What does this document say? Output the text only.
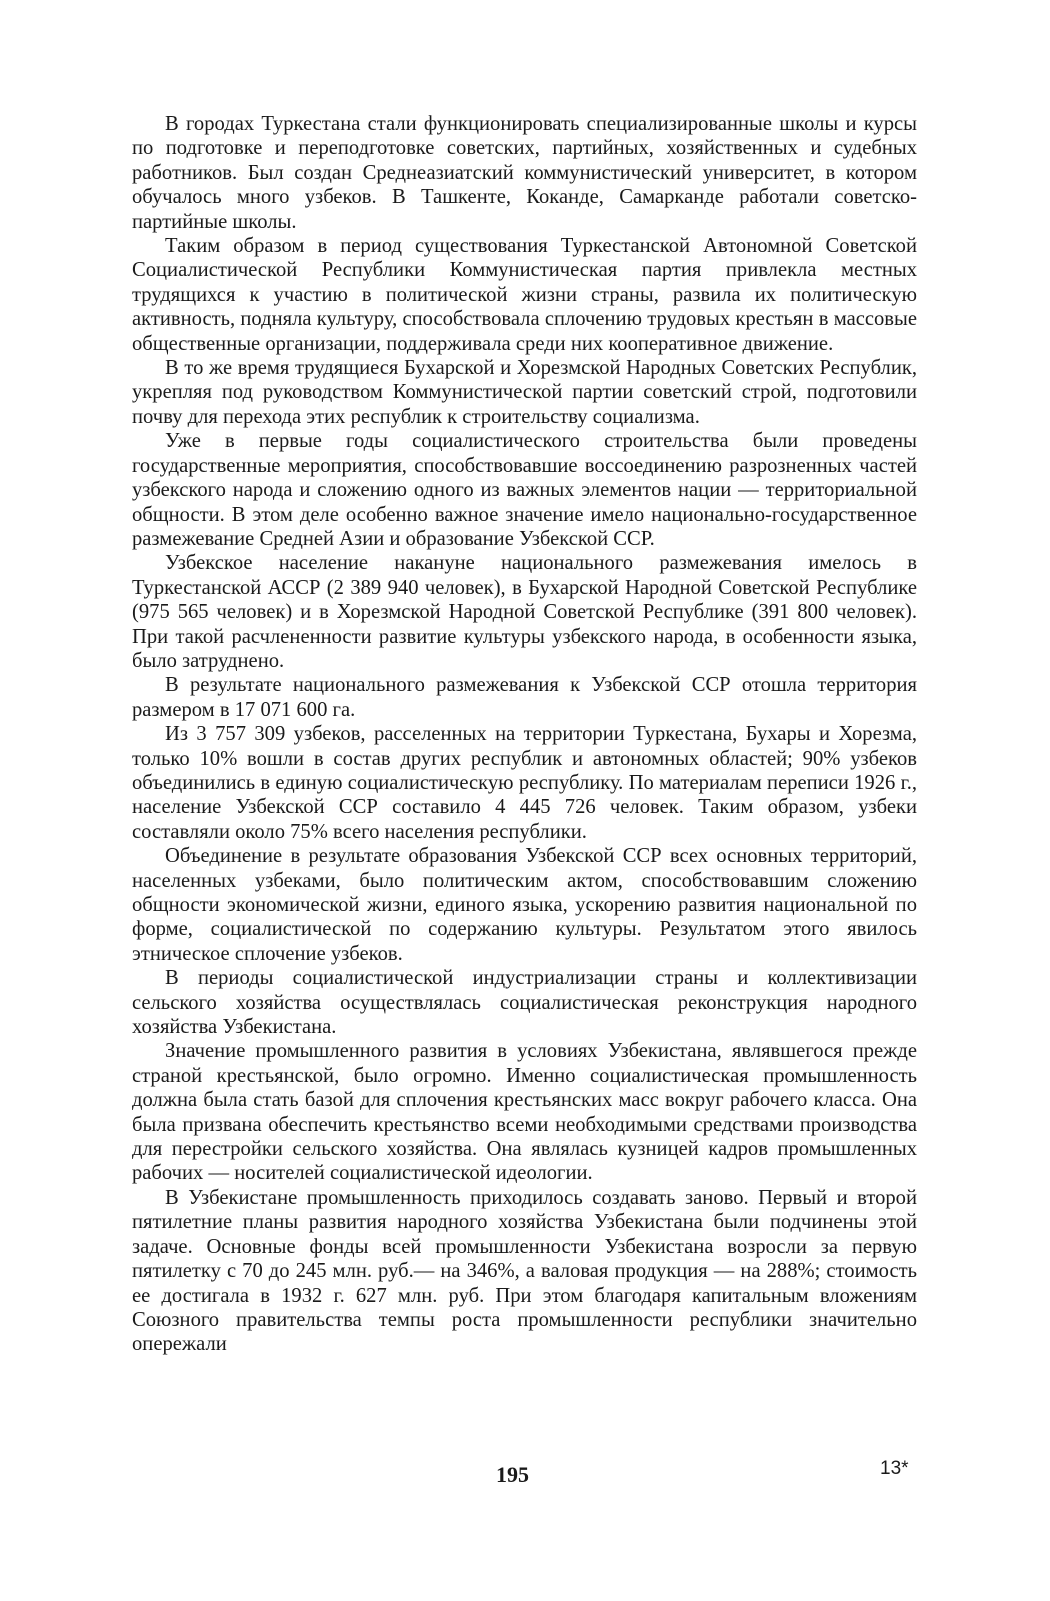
В городах Туркестана стали функционировать специализированные школы и курсы по подготовке и переподготовке советских, партийных, хозяйственных и судебных работников. Был создан Среднеазиатский коммунистический университет, в котором обучалось много узбеков. В Ташкенте, Коканде, Самарканде работали советско-партийные школы.

Таким образом в период существования Туркестанской Автономной Советской Социалистической Республики Коммунистическая партия привлекла местных трудящихся к участию в политической жизни страны, развила их политическую активность, подняла культуру, способствовала сплочению трудовых крестьян в массовые общественные организации, поддерживала среди них кооперативное движение.

В то же время трудящиеся Бухарской и Хорезмской Народных Советских Республик, укрепляя под руководством Коммунистической партии советский строй, подготовили почву для перехода этих республик к строительству социализма.

Уже в первые годы социалистического строительства были проведены государственные мероприятия, способствовавшие воссоединению разрозненных частей узбекского народа и сложению одного из важных элементов нации — территориальной общности. В этом деле особенно важное значение имело национально-государственное размежевание Средней Азии и образование Узбекской ССР.

Узбекское население накануне национального размежевания имелось в Туркестанской АССР (2 389 940 человек), в Бухарской Народной Советской Республике (975 565 человек) и в Хорезмской Народной Советской Республике (391 800 человек). При такой расчлененности развитие культуры узбекского народа, в особенности языка, было затруднено.

В результате национального размежевания к Узбекской ССР отошла территория размером в 17 071 600 га.

Из 3 757 309 узбеков, расселенных на территории Туркестана, Бухары и Хорезма, только 10% вошли в состав других республик и автономных областей; 90% узбеков объединились в единую социалистическую республику. По материалам переписи 1926 г., население Узбекской ССР составило 4 445 726 человек. Таким образом, узбеки составляли около 75% всего населения республики.

Объединение в результате образования Узбекской ССР всех основных территорий, населенных узбеками, было политическим актом, способствовавшим сложению общности экономической жизни, единого языка, ускорению развития национальной по форме, социалистической по содержанию культуры. Результатом этого явилось этническое сплочение узбеков.

В периоды социалистической индустриализации страны и коллективизации сельского хозяйства осуществлялась социалистическая реконструкция народного хозяйства Узбекистана.

Значение промышленного развития в условиях Узбекистана, являвшегося прежде страной крестьянской, было огромно. Именно социалистическая промышленность должна была стать базой для сплочения крестьянских масс вокруг рабочего класса. Она была призвана обеспечить крестьянство всеми необходимыми средствами производства для перестройки сельского хозяйства. Она являлась кузницей кадров промышленных рабочих — носителей социалистической идеологии.

В Узбекистане промышленность приходилось создавать заново. Первый и второй пятилетние планы развития народного хозяйства Узбекистана были подчинены этой задаче. Основные фонды всей промышленности Узбекистана возросли за первую пятилетку с 70 до 245 млн. руб.— на 346%, а валовая продукция — на 288%; стоимость ее достигала в 1932 г. 627 млн. руб. При этом благодаря капитальным вложениям Союзного правительства темпы роста промышленности республики значительно опережали

195	13*
